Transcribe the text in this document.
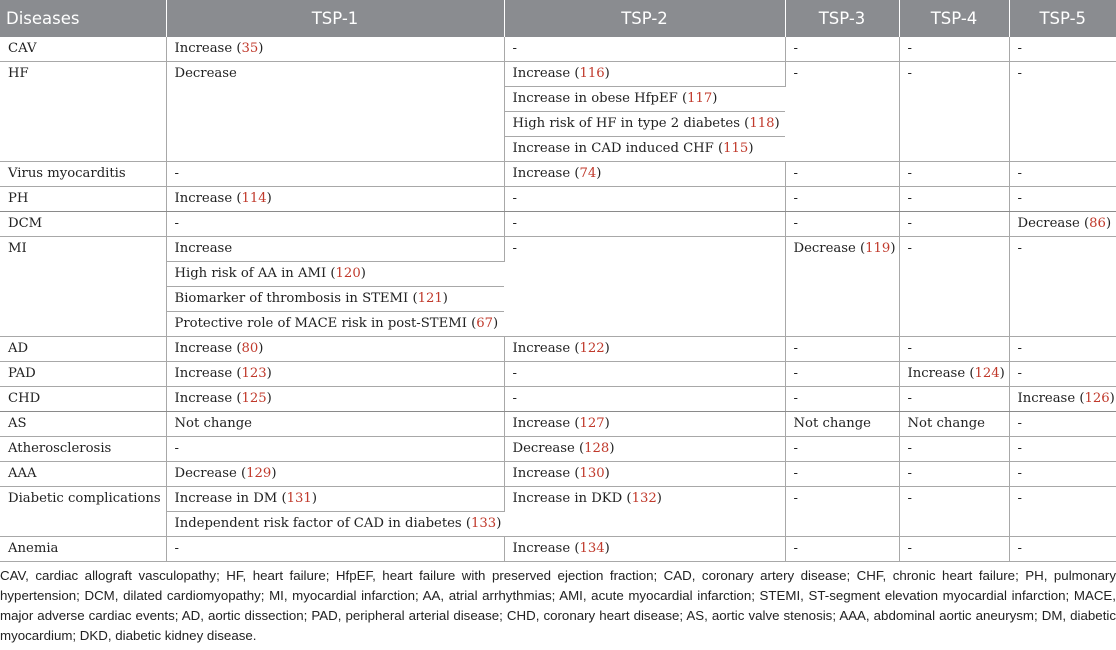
Diseases	TSP-1	TSP-2	TSP-3	TSP-4	TSP-5
CAV	Increase (35)	-	-	-	-
HF	Decrease	Increase (116)	-	-	-
		Increase in obese HfpEF (117)			
		High risk of HF in type 2 diabetes (118)			
		Increase in CAD induced CHF (115)			
Virus myocarditis	-	Increase (74)	-	-	-
PH	Increase (114)	-	-	-	-
DCM	-	-	-	-	Decrease (86)
MI	Increase	-	Decrease (119)	-	-
	High risk of AA in AMI (120)				
	Biomarker of thrombosis in STEMI (121)				
	Protective role of MACE risk in post-STEMI (67)				
AD	Increase (80)	Increase (122)	-	-	-
PAD	Increase (123)	-	-	Increase (124)	-
CHD	Increase (125)	-	-	-	Increase (126)
AS	Not change	Increase (127)	Not change	Not change	-
Atherosclerosis	-	Decrease (128)	-	-	-
AAA	Decrease (129)	Increase (130)	-	-	-
Diabetic complications	Increase in DM (131)	Increase in DKD (132)	-	-	-
	Independent risk factor of CAD in diabetes (133)				
Anemia	-	Increase (134)	-	-	-
CAV, cardiac allograft vasculopathy; HF, heart failure; HfpEF, heart failure with preserved ejection fraction; CAD, coronary artery disease; CHF, chronic heart failure; PH, pulmonary hypertension; DCM, dilated cardiomyopathy; MI, myocardial infarction; AA, atrial arrhythmias; AMI, acute myocardial infarction; STEMI, ST-segment elevation myocardial infarction; MACE, major adverse cardiac events; AD, aortic dissection; PAD, peripheral arterial disease; CHD, coronary heart disease; AS, aortic valve stenosis; AAA, abdominal aortic aneurysm; DM, diabetic myocardium; DKD, diabetic kidney disease.
